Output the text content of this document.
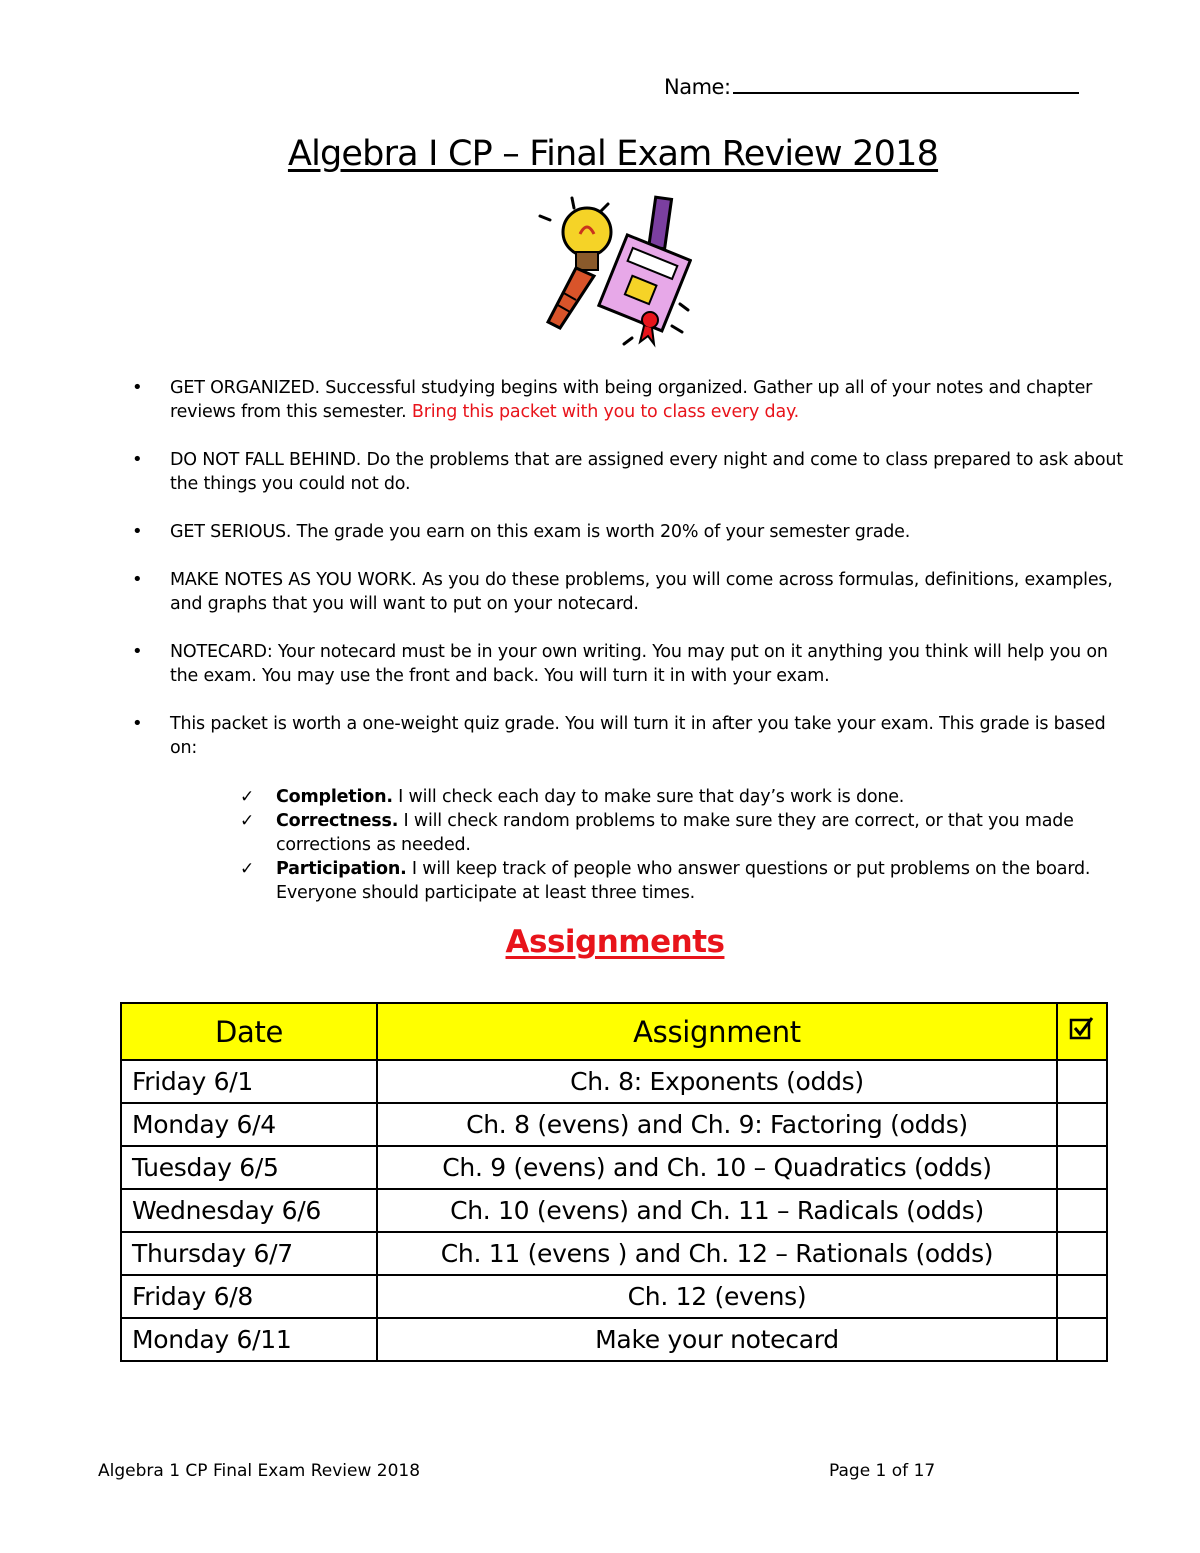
Name:
Algebra I CP – Final Exam Review 2018
• GET ORGANIZED. Successful studying begins with being organized. Gather up all of your notes and chapter reviews from this semester. Bring this packet with you to class every day.
• DO NOT FALL BEHIND. Do the problems that are assigned every night and come to class prepared to ask about the things you could not do.
• GET SERIOUS. The grade you earn on this exam is worth 20% of your semester grade.
• MAKE NOTES AS YOU WORK. As you do these problems, you will come across formulas, definitions, examples, and graphs that you will want to put on your notecard.
• NOTECARD: Your notecard must be in your own writing. You may put on it anything you think will help you on the exam. You may use the front and back. You will turn it in with your exam.
• This packet is worth a one-weight quiz grade. You will turn it in after you take your exam. This grade is based on:
✓ Completion. I will check each day to make sure that day’s work is done.
✓ Correctness. I will check random problems to make sure they are correct, or that you made corrections as needed.
✓ Participation. I will keep track of people who answer questions or put problems on the board. Everyone should participate at least three times.
Assignments
Date	Assignment	
Friday 6/1	Ch. 8: Exponents (odds)	
Monday 6/4	Ch. 8 (evens) and Ch. 9: Factoring (odds)	
Tuesday 6/5	Ch. 9 (evens) and Ch. 10 – Quadratics (odds)	
Wednesday 6/6	Ch. 10 (evens) and Ch. 11 – Radicals (odds)	
Thursday 6/7	Ch. 11 (evens ) and Ch. 12 – Rationals (odds)	
Friday 6/8	Ch. 12 (evens)	
Monday 6/11	Make your notecard	
Algebra 1 CP Final Exam Review 2018	Page 1 of 17
